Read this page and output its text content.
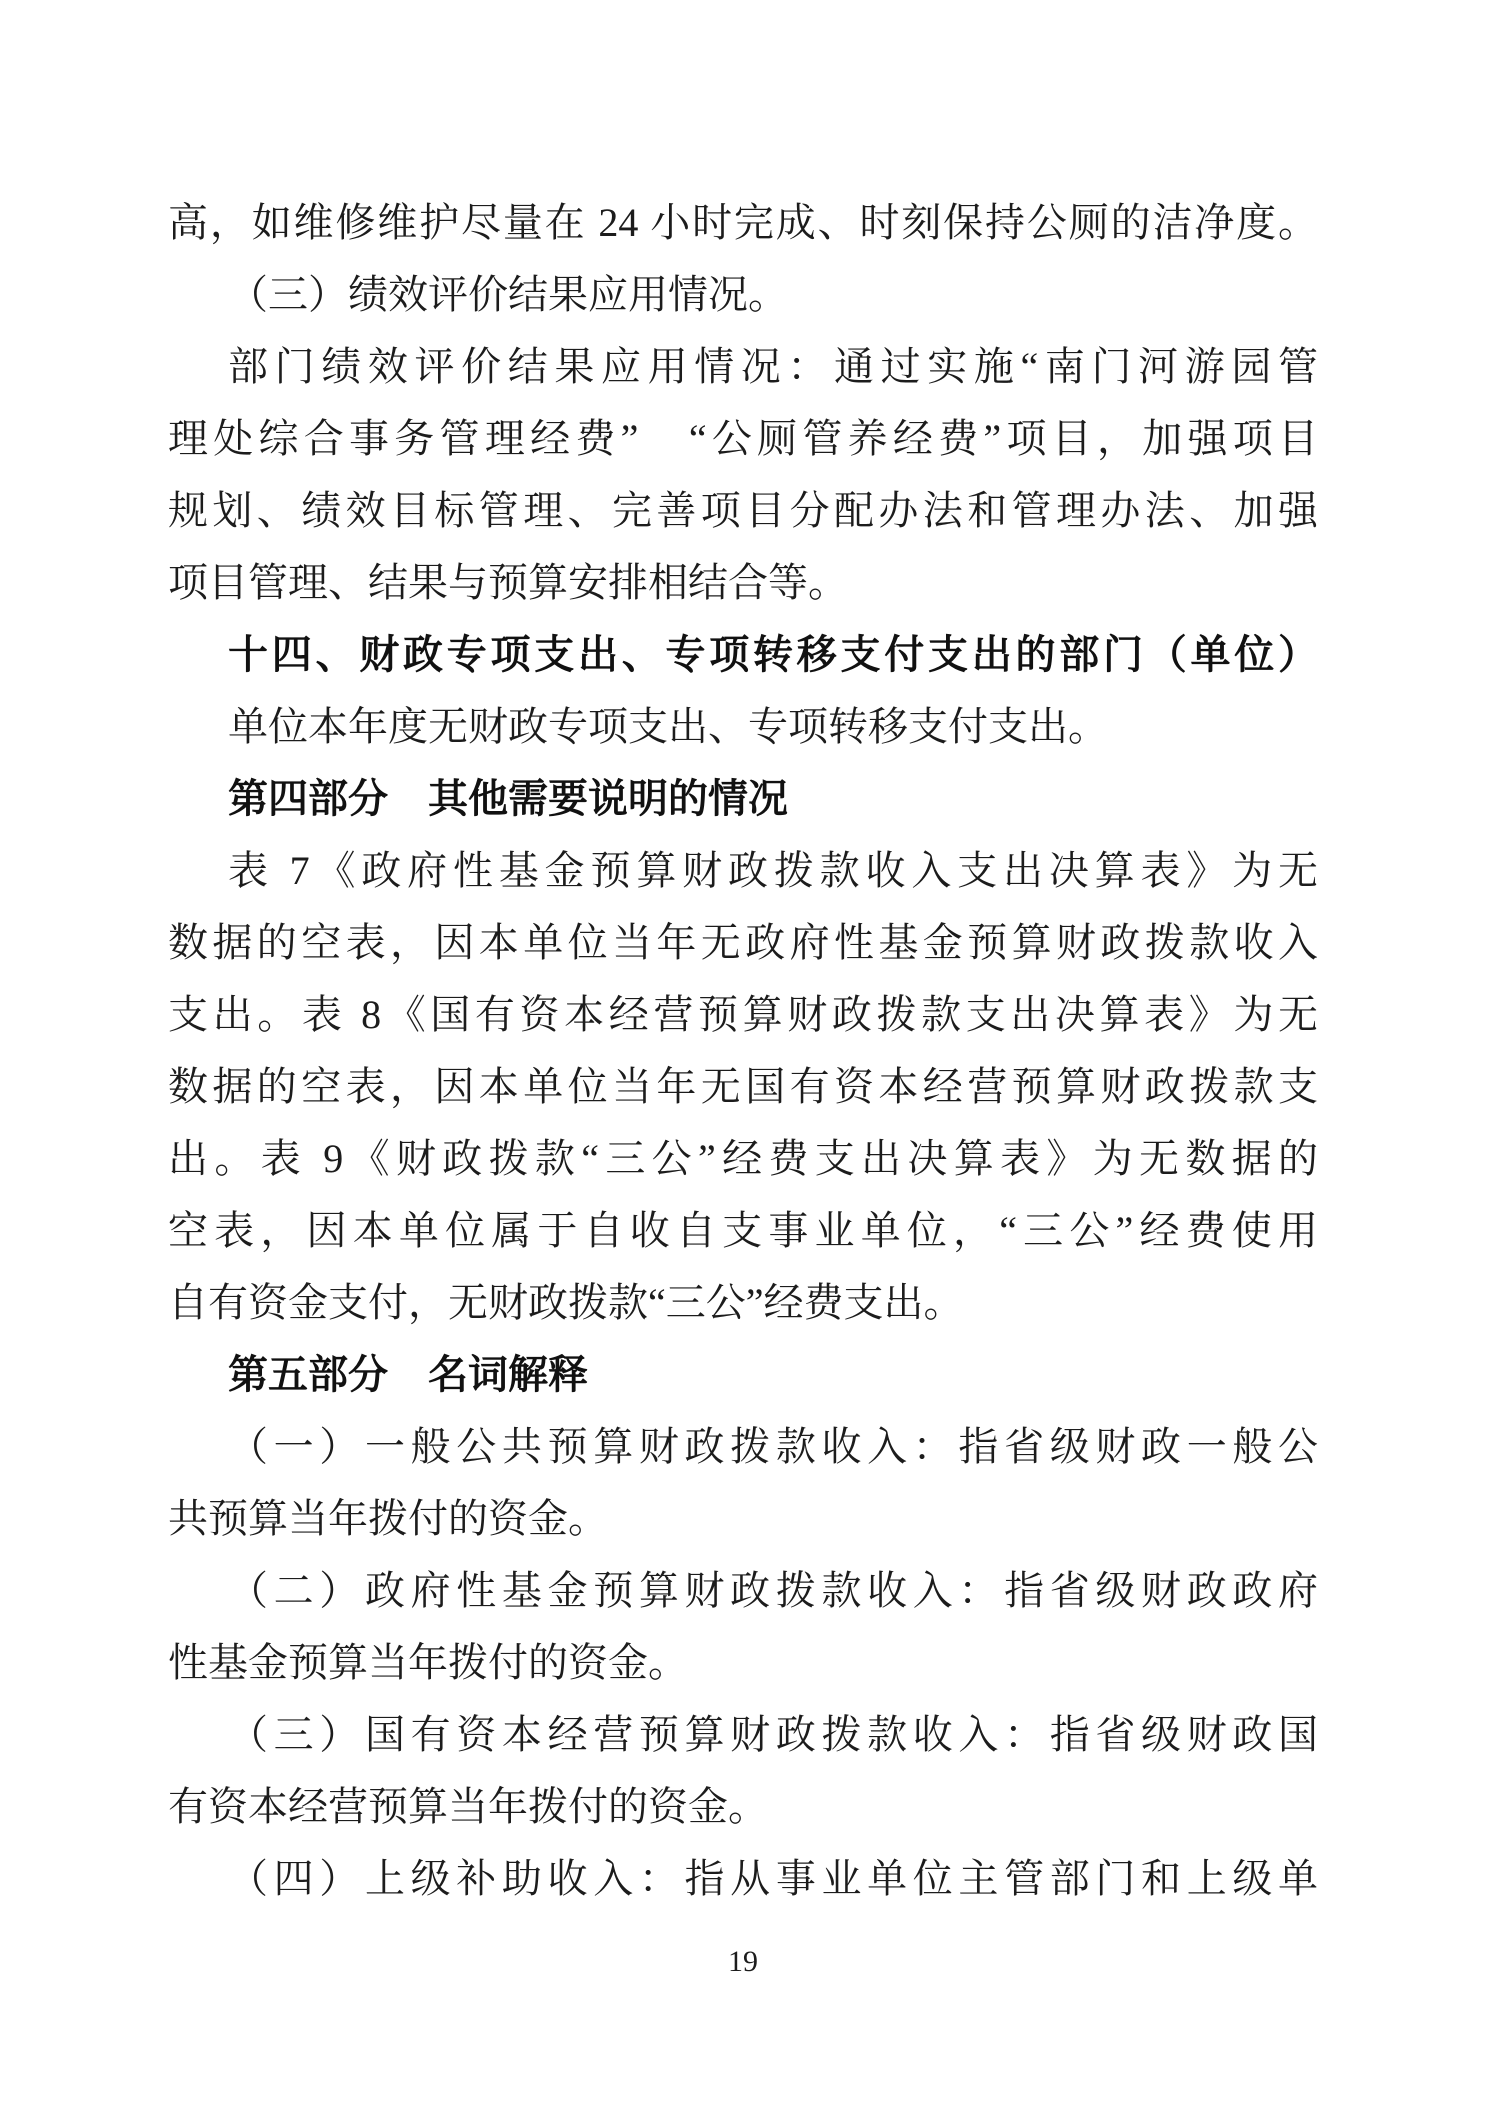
高，如维修维护尽量在 24 小时完成、时刻保持公厕的洁净度。
（三）绩效评价结果应用情况。
部门绩效评价结果应用情况：通过实施“南门河游园管
理处综合事务管理经费”　“公厕管养经费”项目，加强项目
规划、绩效目标管理、完善项目分配办法和管理办法、加强
项目管理、结果与预算安排相结合等。
十四、财政专项支出、专项转移支付支出的部门（单位）
单位本年度无财政专项支出、专项转移支付支出。
第四部分　其他需要说明的情况
表 7《政府性基金预算财政拨款收入支出决算表》为无
数据的空表，因本单位当年无政府性基金预算财政拨款收入
支出。表 8《国有资本经营预算财政拨款支出决算表》为无
数据的空表，因本单位当年无国有资本经营预算财政拨款支
出。表 9《财政拨款“三公”经费支出决算表》为无数据的
空表，因本单位属于自收自支事业单位，“三公”经费使用
自有资金支付，无财政拨款“三公”经费支出。
第五部分　名词解释
（一）一般公共预算财政拨款收入：指省级财政一般公
共预算当年拨付的资金。
（二）政府性基金预算财政拨款收入：指省级财政政府
性基金预算当年拨付的资金。
（三）国有资本经营预算财政拨款收入：指省级财政国
有资本经营预算当年拨付的资金。
（四）上级补助收入：指从事业单位主管部门和上级单
19
